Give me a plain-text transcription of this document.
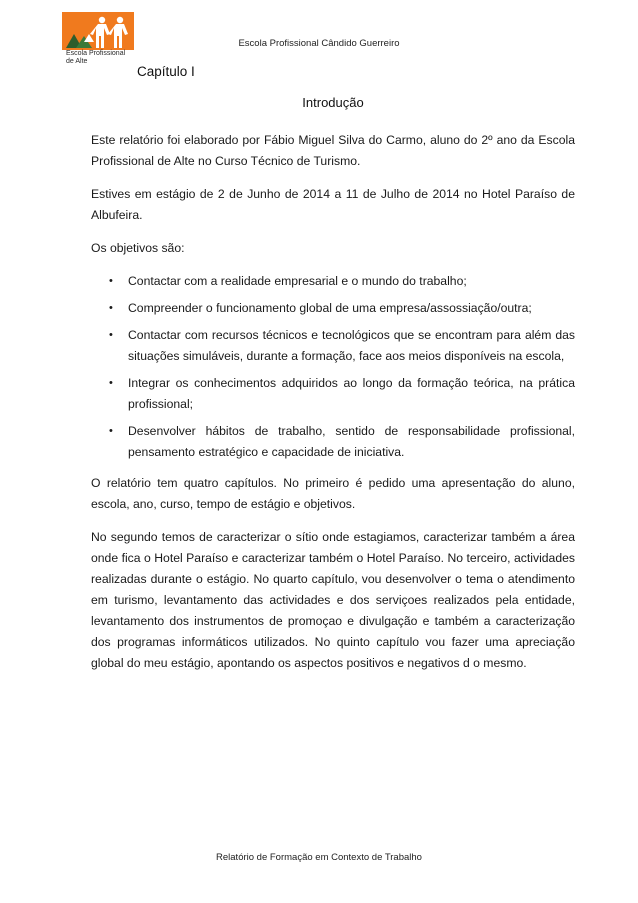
Escola Profissional
de Alte
Escola Profissional Cândido Guerreiro
Capítulo I
Introdução

Este relatório foi elaborado por Fábio Miguel Silva do Carmo, aluno do 2º ano da Escola Profissional de Alte no Curso Técnico de Turismo.

Estives em estágio de 2 de Junho de 2014 a 11 de Julho de 2014 no Hotel Paraíso de Albufeira.

Os objetivos são:

• Contactar com a realidade empresarial e o mundo do trabalho;
• Compreender o funcionamento global de uma empresa/assossiação/outra;
• Contactar com recursos técnicos e tecnológicos que se encontram para além das situações simuláveis, durante a formação, face aos meios disponíveis na escola,
• Integrar os conhecimentos adquiridos ao longo da formação teórica, na prática profissional;
• Desenvolver hábitos de trabalho, sentido de responsabilidade profissional, pensamento estratégico e capacidade de iniciativa.

O relatório tem quatro capítulos. No primeiro é pedido uma apresentação do aluno, escola, ano, curso, tempo de estágio e objetivos.

No segundo temos de caracterizar o sítio onde estagiamos, caracterizar também a área onde fica o Hotel Paraíso e caracterizar também o Hotel Paraíso. No terceiro, actividades realizadas durante o estágio. No quarto capítulo, vou desenvolver o tema o atendimento em turismo, levantamento das actividades e dos serviçoes realizados pela entidade, levantamento dos instrumentos de promoçao e divulgação e também a caracterização dos programas informáticos utilizados. No quinto capítulo vou fazer uma apreciação global do meu estágio, apontando os aspectos positivos e negativos d o mesmo.

Relatório de Formação em Contexto de Trabalho
